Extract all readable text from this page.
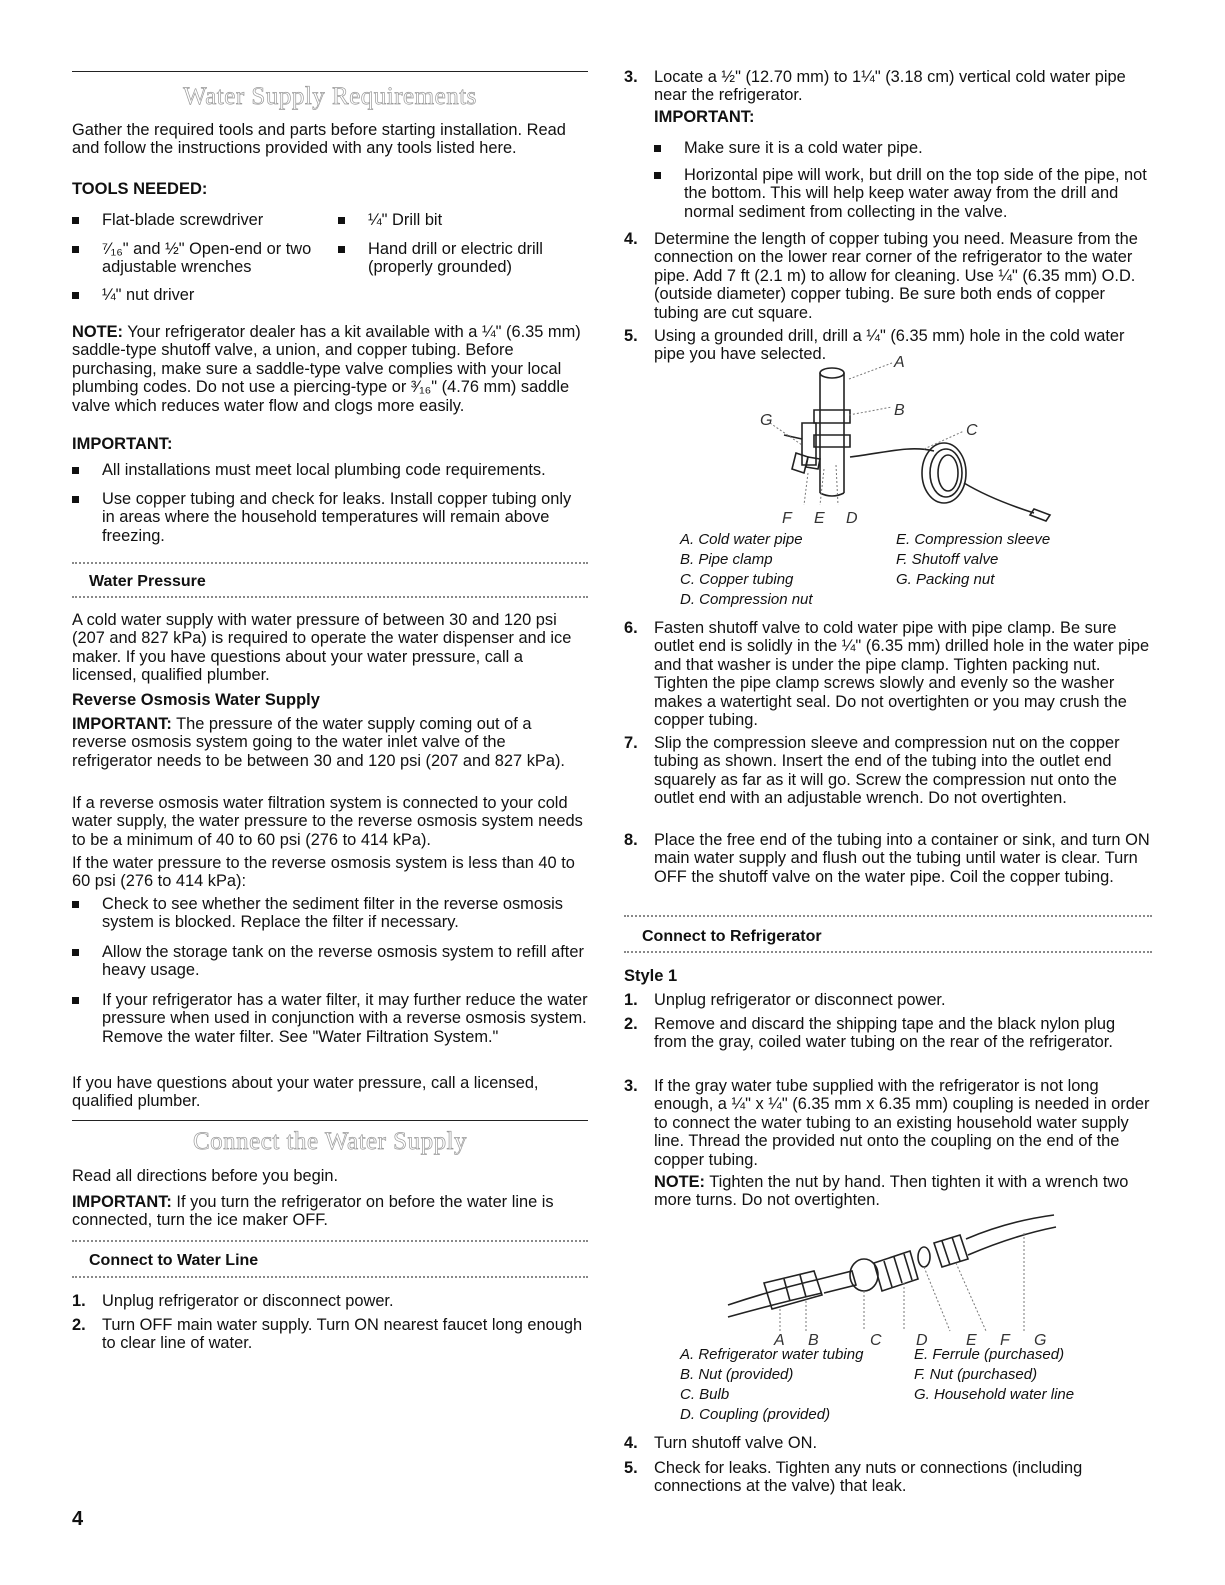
Water Supply Requirements

Gather the required tools and parts before starting installation. Read and follow the instructions provided with any tools listed here.

TOOLS NEEDED:

Flat-blade screwdriver	¼" Drill bit
⁷⁄₁₆" and ½" Open-end or two adjustable wrenches
Hand drill or electric drill (properly grounded)
¼" nut driver

NOTE: Your refrigerator dealer has a kit available with a ¼" (6.35 mm) saddle-type shutoff valve, a union, and copper tubing. Before purchasing, make sure a saddle-type valve complies with your local plumbing codes. Do not use a piercing-type or ³⁄₁₆" (4.76 mm) saddle valve which reduces water flow and clogs more easily.

IMPORTANT:

All installations must meet local plumbing code requirements.
Use copper tubing and check for leaks. Install copper tubing only in areas where the household temperatures will remain above freezing.

Water Pressure

A cold water supply with water pressure of between 30 and 120 psi (207 and 827 kPa) is required to operate the water dispenser and ice maker. If you have questions about your water pressure, call a licensed, qualified plumber.

Reverse Osmosis Water Supply

IMPORTANT: The pressure of the water supply coming out of a reverse osmosis system going to the water inlet valve of the refrigerator needs to be between 30 and 120 psi (207 and 827 kPa).

If a reverse osmosis water filtration system is connected to your cold water supply, the water pressure to the reverse osmosis system needs to be a minimum of 40 to 60 psi (276 to 414 kPa).

If the water pressure to the reverse osmosis system is less than 40 to 60 psi (276 to 414 kPa):

Check to see whether the sediment filter in the reverse osmosis system is blocked. Replace the filter if necessary.
Allow the storage tank on the reverse osmosis system to refill after heavy usage.
If your refrigerator has a water filter, it may further reduce the water pressure when used in conjunction with a reverse osmosis system. Remove the water filter. See "Water Filtration System."

If you have questions about your water pressure, call a licensed, qualified plumber.

Connect the Water Supply

Read all directions before you begin.

IMPORTANT: If you turn the refrigerator on before the water line is connected, turn the ice maker OFF.

Connect to Water Line

1. Unplug refrigerator or disconnect power.
2. Turn OFF main water supply. Turn ON nearest faucet long enough to clear line of water.
3. Locate a ½" (12.70 mm) to 1¼" (3.18 cm) vertical cold water pipe near the refrigerator.

IMPORTANT:

Make sure it is a cold water pipe.
Horizontal pipe will work, but drill on the top side of the pipe, not the bottom. This will help keep water away from the drill and normal sediment from collecting in the valve.
4. Determine the length of copper tubing you need. Measure from the connection on the lower rear corner of the refrigerator to the water pipe. Add 7 ft (2.1 m) to allow for cleaning. Use ¼" (6.35 mm) O.D. (outside diameter) copper tubing. Be sure both ends of copper tubing are cut square.
5. Using a grounded drill, drill a ¼" (6.35 mm) hole in the cold water pipe you have selected.	A
B
C
D
E
F
G
A. Cold water pipe
B. Pipe clamp
C. Copper tubing
D. Compression nut
E. Compression sleeve
F. Shutoff valve
G. Packing nut
6. Fasten shutoff valve to cold water pipe with pipe clamp. Be sure outlet end is solidly in the ¼" (6.35 mm) drilled hole in the water pipe and that washer is under the pipe clamp. Tighten packing nut. Tighten the pipe clamp screws slowly and evenly so the washer makes a watertight seal. Do not overtighten or you may crush the copper tubing.
7. Slip the compression sleeve and compression nut on the copper tubing as shown. Insert the end of the tubing into the outlet end squarely as far as it will go. Screw the compression nut onto the outlet end with an adjustable wrench. Do not overtighten.
8. Place the free end of the tubing into a container or sink, and turn ON main water supply and flush out the tubing until water is clear. Turn OFF the shutoff valve on the water pipe. Coil the copper tubing.

Connect to Refrigerator

Style 1

1. Unplug refrigerator or disconnect power.
2. Remove and discard the shipping tape and the black nylon plug from the gray, coiled water tubing on the rear of the refrigerator.
3. If the gray water tube supplied with the refrigerator is not long enough, a ¼" x ¼" (6.35 mm x 6.35 mm) coupling is needed in order to connect the water tubing to an existing household water supply line. Thread the provided nut onto the coupling on the end of the copper tubing.

NOTE: Tighten the nut by hand. Then tighten it with a wrench two more turns. Do not overtighten.

A B	C D E F G
A. Refrigerator water tubing
B. Nut (provided)
C. Bulb
D. Coupling (provided)
E. Ferrule (purchased)
F. Nut (purchased)
G. Household water line
4. Turn shutoff valve ON.
5. Check for leaks. Tighten any nuts or connections (including connections at the valve) that leak.
4
